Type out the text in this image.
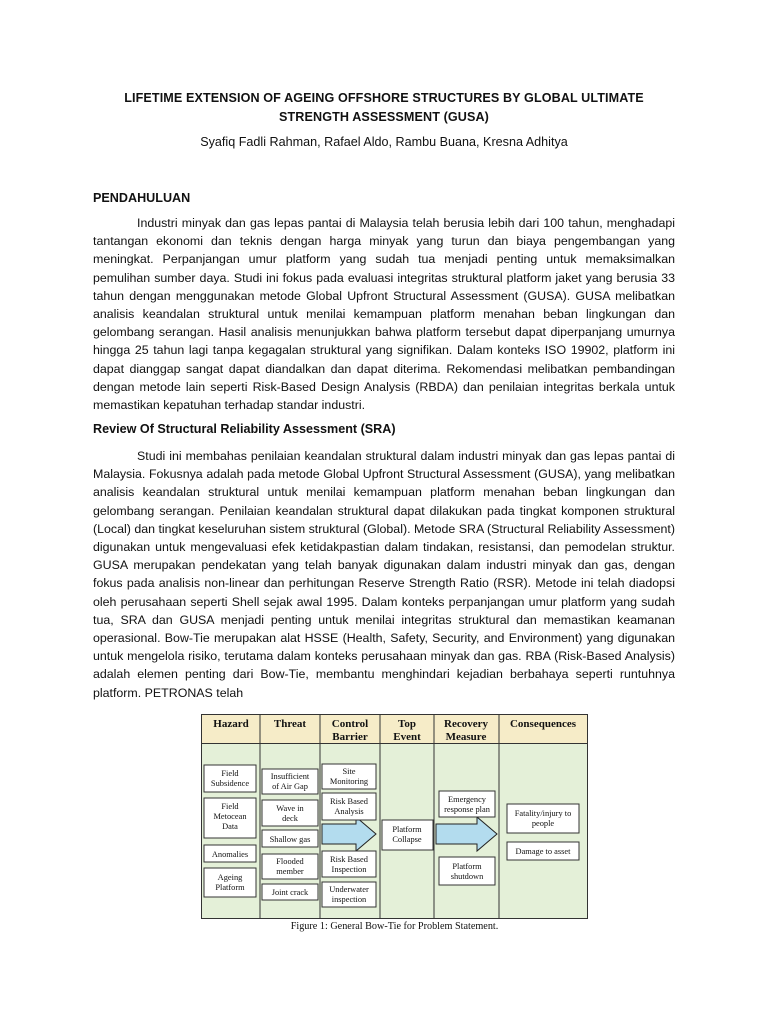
LIFETIME EXTENSION OF AGEING OFFSHORE STRUCTURES BY GLOBAL ULTIMATE
STRENGTH ASSESSMENT (GUSA)
Syafiq Fadli Rahman, Rafael Aldo, Rambu Buana, Kresna Adhitya
PENDAHULUAN
Industri minyak dan gas lepas pantai di Malaysia telah berusia lebih dari 100 tahun, menghadapi tantangan ekonomi dan teknis dengan harga minyak yang turun dan biaya pengembangan yang meningkat. Perpanjangan umur platform yang sudah tua menjadi penting untuk memaksimalkan pemulihan sumber daya. Studi ini fokus pada evaluasi integritas struktural platform jaket yang berusia 33 tahun dengan menggunakan metode Global Upfront Structural Assessment (GUSA). GUSA melibatkan analisis keandalan struktural untuk menilai kemampuan platform menahan beban lingkungan dan gelombang serangan. Hasil analisis menunjukkan bahwa platform tersebut dapat diperpanjang umurnya hingga 25 tahun lagi tanpa kegagalan struktural yang signifikan. Dalam konteks ISO 19902, platform ini dapat dianggap sangat dapat diandalkan dan dapat diterima. Rekomendasi melibatkan pembandingan dengan metode lain seperti Risk-Based Design Analysis (RBDA) dan penilaian integritas berkala untuk memastikan kepatuhan terhadap standar industri.
Review Of Structural Reliability Assessment (SRA)
Studi ini membahas penilaian keandalan struktural dalam industri minyak dan gas lepas pantai di Malaysia. Fokusnya adalah pada metode Global Upfront Structural Assessment (GUSA), yang melibatkan analisis keandalan struktural untuk menilai kemampuan platform menahan beban lingkungan dan gelombang serangan. Penilaian keandalan struktural dapat dilakukan pada tingkat komponen struktural (Local) dan tingkat keseluruhan sistem struktural (Global). Metode SRA (Structural Reliability Assessment) digunakan untuk mengevaluasi efek ketidakpastian dalam tindakan, resistansi, dan pemodelan struktur. GUSA merupakan pendekatan yang telah banyak digunakan dalam industri minyak dan gas, dengan fokus pada analisis non-linear dan perhitungan Reserve Strength Ratio (RSR). Metode ini telah diadopsi oleh perusahaan seperti Shell sejak awal 1995. Dalam konteks perpanjangan umur platform yang sudah tua, SRA dan GUSA menjadi penting untuk menilai integritas struktural dan memastikan keamanan operasional. Bow-Tie merupakan alat HSSE (Health, Safety, Security, and Environment) yang digunakan untuk mengelola risiko, terutama dalam konteks perusahaan minyak dan gas. RBA (Risk-Based Analysis) adalah elemen penting dari Bow-Tie, membantu menghindari kejadian berbahaya seperti runtuhnya platform. PETRONAS telah
Hazard Threat Control
Barrier
Top
Event
Recovery
Measure
Consequences
Field
Subsidence
Field
Metocean
Data
Anomalies
Ageing
Platform
Insufficient
of Air Gap
Wave in
deck
Shallow gas
Flooded
member
Joint crack
Site
Monitoring
Risk Based
Analysis
Risk Based
Inspection
Underwater
inspection
Platform
Collapse
Emergency
response plan
Platform
shutdown
Fatality/injury to
people
Damage to asset
Figure 1: General Bow-Tie for Problem Statement.
